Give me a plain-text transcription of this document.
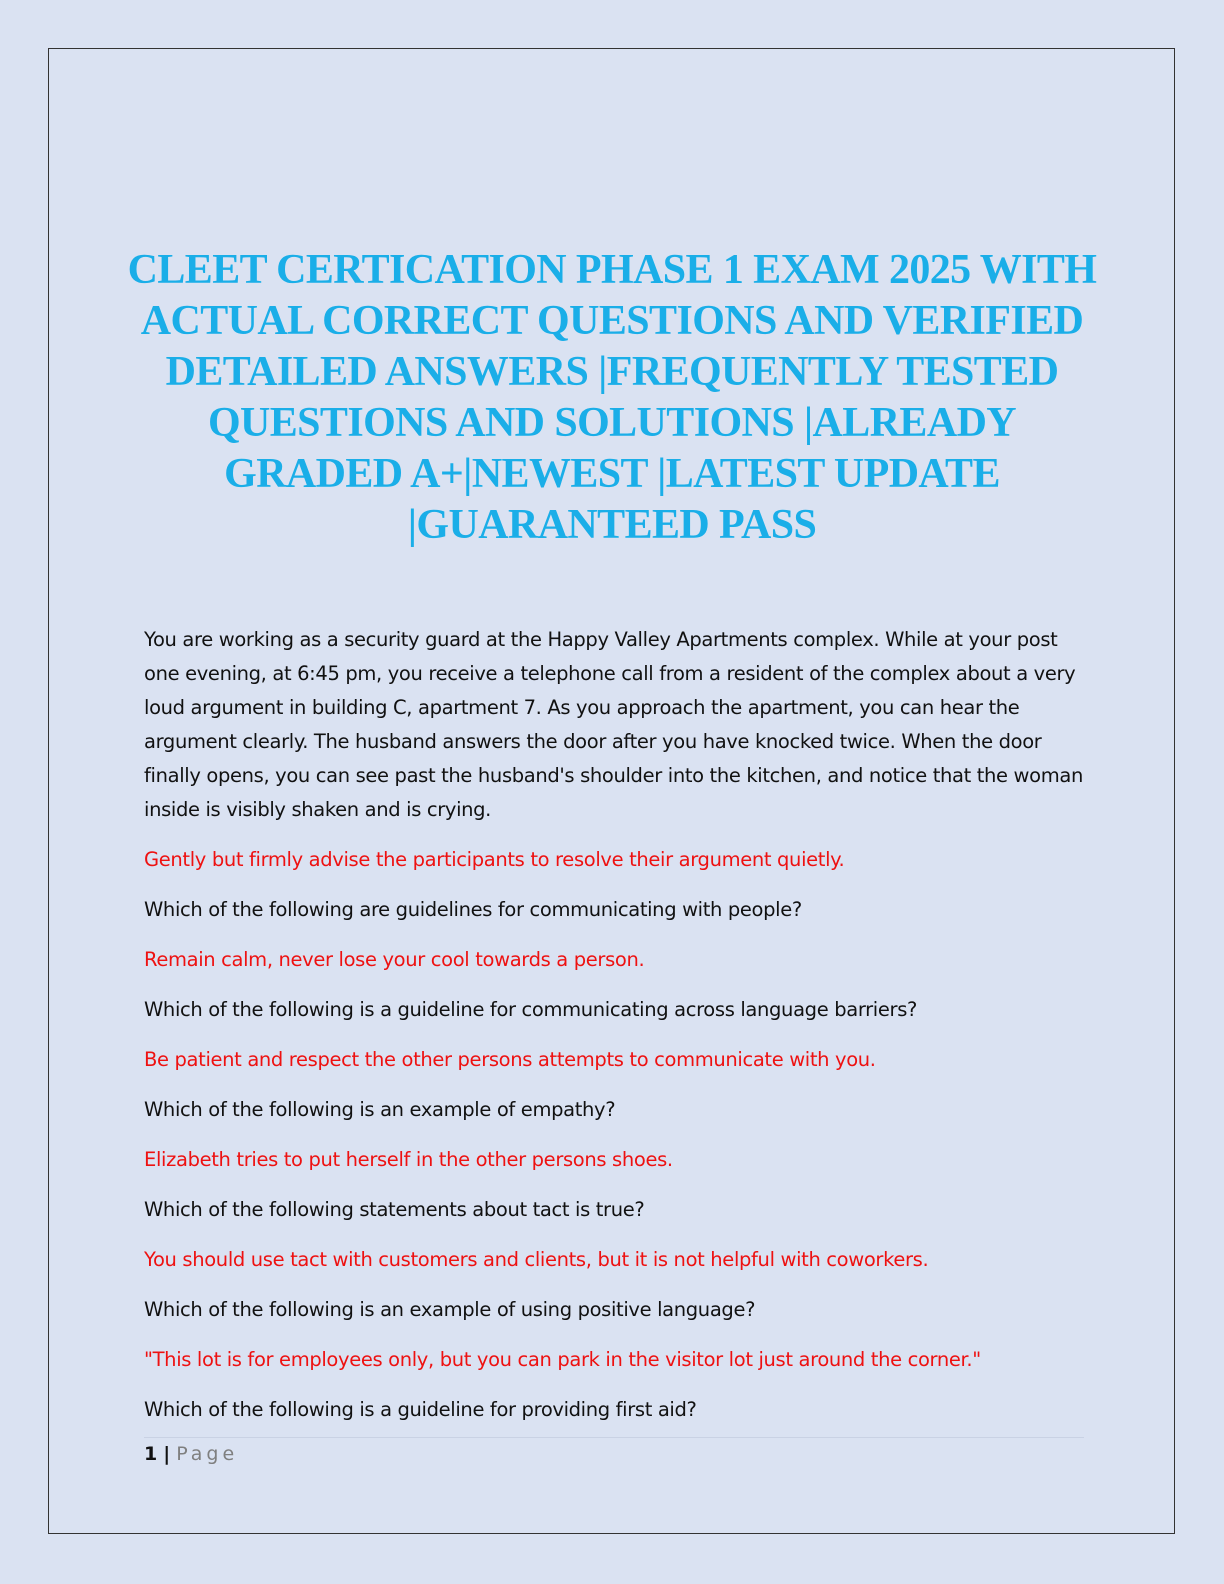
CLEET CERTICATION PHASE 1 EXAM 2025 WITH ACTUAL CORRECT QUESTIONS AND VERIFIED DETAILED ANSWERS |FREQUENTLY TESTED QUESTIONS AND SOLUTIONS |ALREADY GRADED A+|NEWEST |LATEST UPDATE |GUARANTEED PASS

You are working as a security guard at the Happy Valley Apartments complex. While at your post one evening, at 6:45 pm, you receive a telephone call from a resident of the complex about a very loud argument in building C, apartment 7. As you approach the apartment, you can hear the argument clearly. The husband answers the door after you have knocked twice. When the door finally opens, you can see past the husband's shoulder into the kitchen, and notice that the woman inside is visibly shaken and is crying.

Gently but firmly advise the participants to resolve their argument quietly.

Which of the following are guidelines for communicating with people?

Remain calm, never lose your cool towards a person.

Which of the following is a guideline for communicating across language barriers?

Be patient and respect the other persons attempts to communicate with you.

Which of the following is an example of empathy?

Elizabeth tries to put herself in the other persons shoes.

Which of the following statements about tact is true?

You should use tact with customers and clients, but it is not helpful with coworkers.

Which of the following is an example of using positive language?

"This lot is for employees only, but you can park in the visitor lot just around the corner."

Which of the following is a guideline for providing first aid?

1 | Page
